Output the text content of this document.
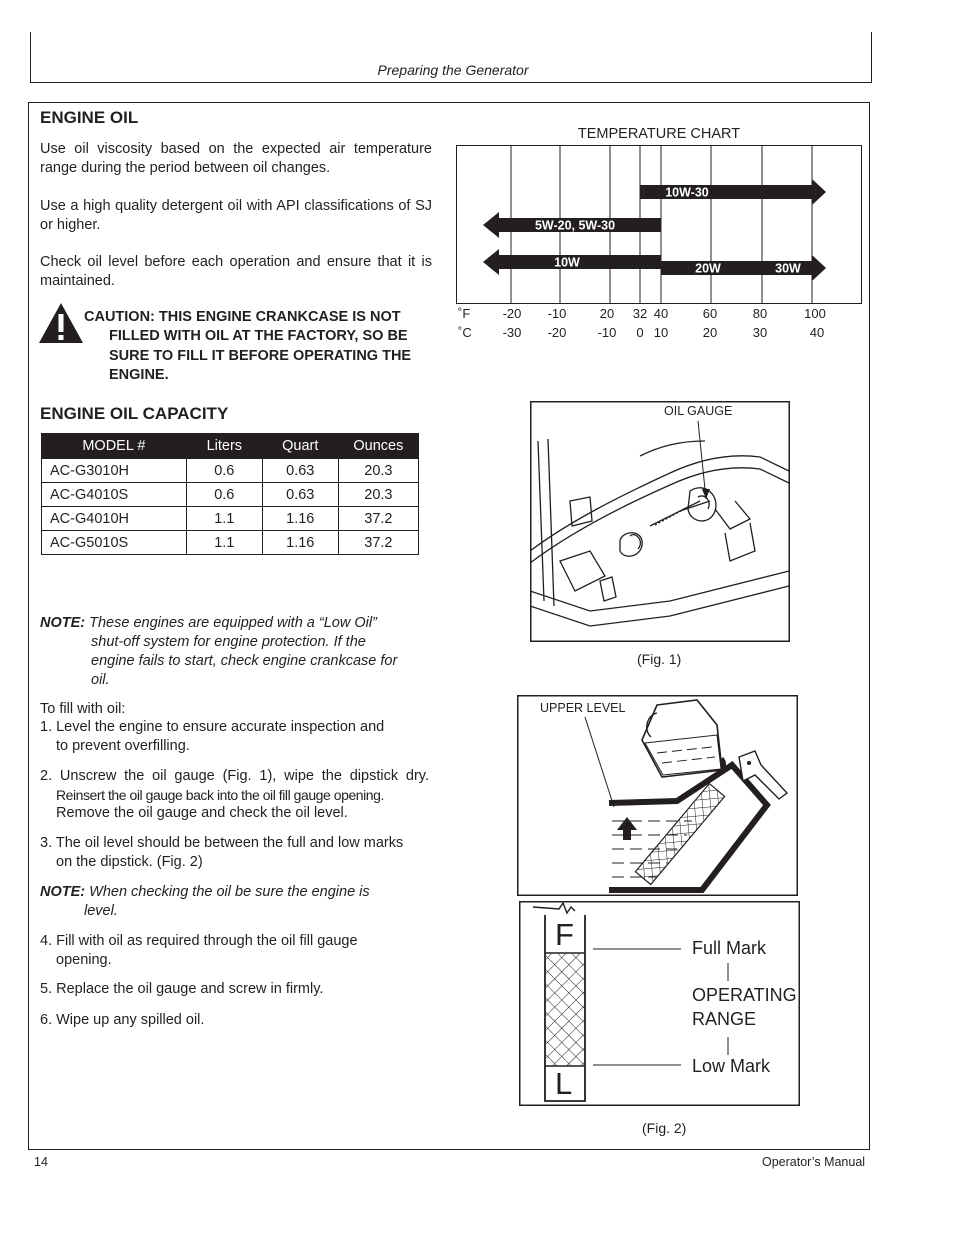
Preparing the Generator
ENGINE OIL
Use oil viscosity based on the expected air temperature range during the period between oil changes.
Use a high quality detergent oil with API classifications of SJ or higher.
Check oil level before each operation and ensure that it is maintained.
CAUTION: THIS ENGINE CRANKCASE IS NOT
FILLED WITH OIL AT THE FACTORY, SO BE SURE TO FILL IT BEFORE OPERATING THE ENGINE.
TEMPERATURE CHART
10W-30
5W-20, 5W-30
10W	20W	30W
˚F
˚C
-20 -10	20	32 40	60	80	100
-30 -20 -10	0 10	20	30	40
ENGINE OIL CAPACITY
MODEL #	Liters	Quart	Ounces
AC-G3010H	0.6	0.63	20.3
AC-G4010S	0.6	0.63	20.3
AC-G4010H	1.1	1.16	37.2
AC-G5010S	1.1	1.16	37.2
NOTE: These engines are equipped with a “Low Oil”
shut-off system for engine protection. If the engine fails to start, check engine crankcase for oil.
To fill with oil:
1. Level the engine to ensure accurate inspection and
to prevent overfilling.
2. Unscrew the oil gauge (Fig. 1), wipe the dipstick dry.
Reinsert the oil gauge back into the oil fill gauge opening.
Remove the oil gauge and check the oil level.
3. The oil level should be between the full and low marks
on the dipstick. (Fig. 2)
NOTE: When checking the oil be sure the engine is
level.
4. Fill with oil as required through the oil fill gauge
opening.
5. Replace the oil gauge and screw in firmly.
6. Wipe up any spilled oil.
OIL GAUGE
(Fig. 1)
UPPER LEVEL
F
L
Full Mark
OPERATING
RANGE
Low Mark
(Fig. 2)
14	Operator’s Manual
